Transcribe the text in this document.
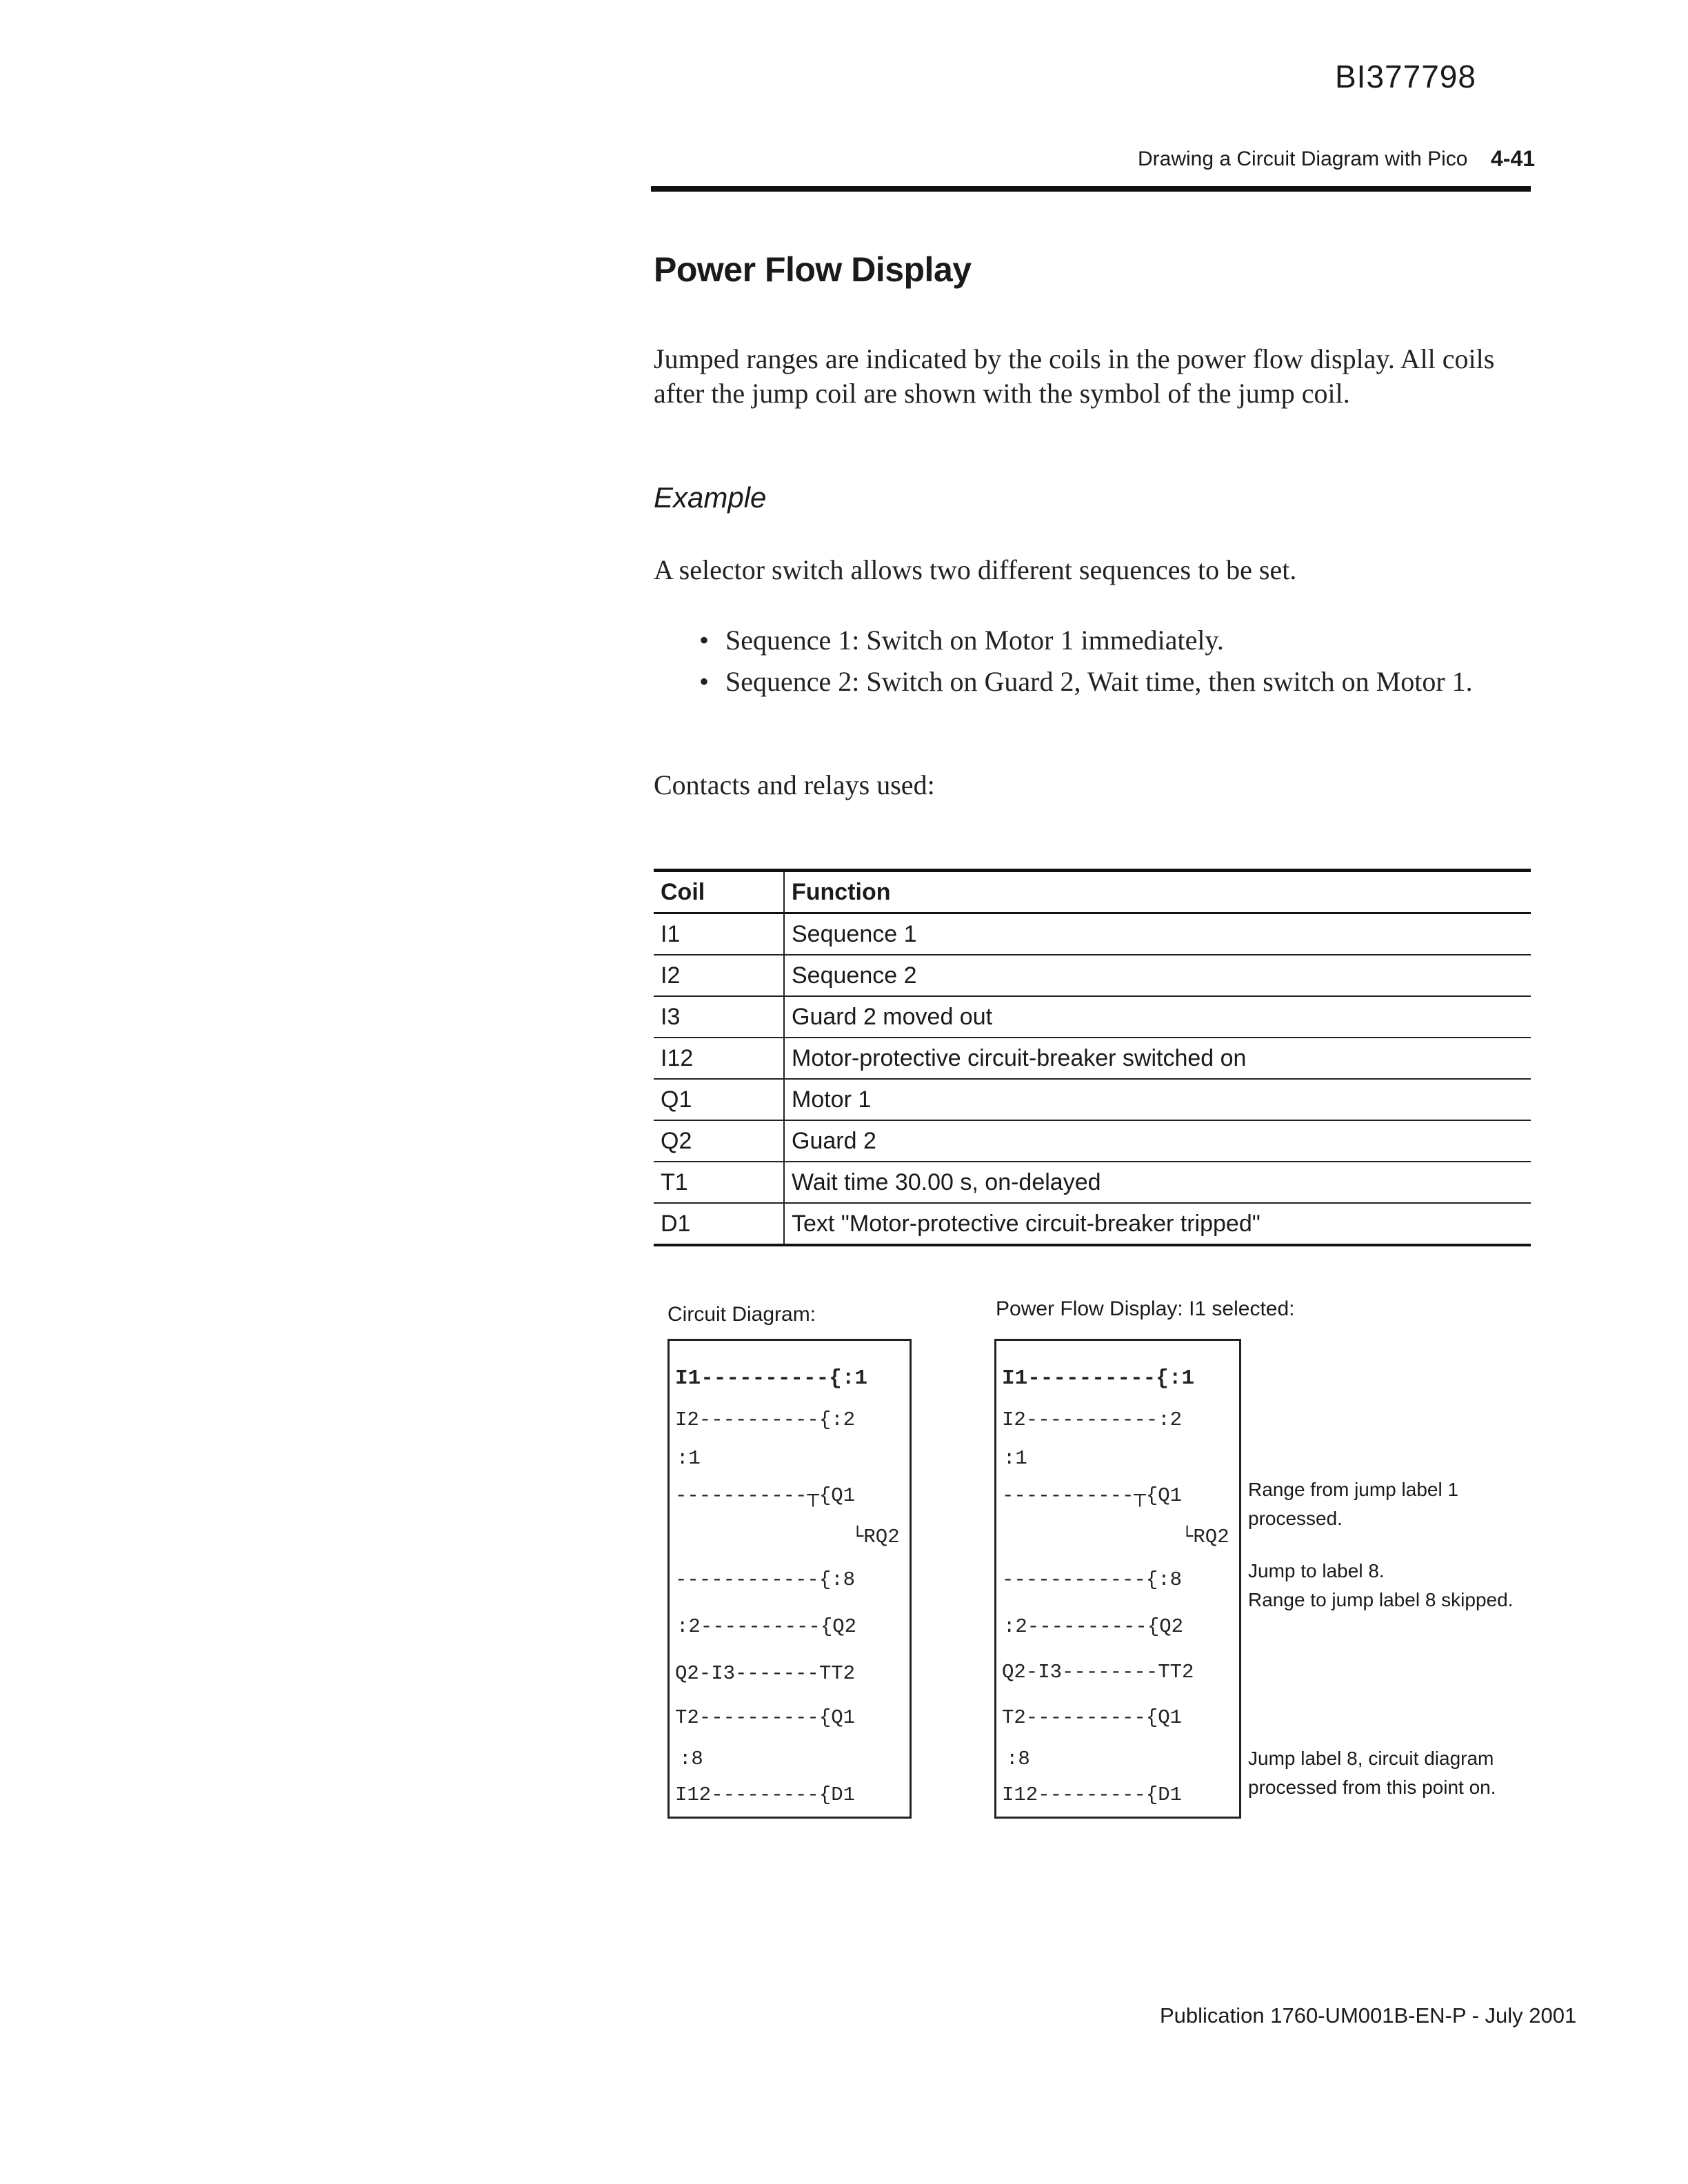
BI377798
Drawing a Circuit Diagram with Pico 4-41
Power Flow Display
Jumped ranges are indicated by the coils in the power flow display. All coils after the jump coil are shown with the symbol of the jump coil.
Example
A selector switch allows two different sequences to be set.
• Sequence 1: Switch on Motor 1 immediately.
• Sequence 2: Switch on Guard 2, Wait time, then switch on Motor 1.
Contacts and relays used:
Coil	Function
I1	Sequence 1
I2	Sequence 2
I3	Guard 2 moved out
I12	Motor-protective circuit-breaker switched on
Q1	Motor 1
Q2	Guard 2
T1	Wait time 30.00 s, on-delayed
D1	Text "Motor-protective circuit-breaker tripped"
Circuit Diagram:
I1----------{:1
I2----------{:2
:1
-----------┬{Q1
└RQ2
------------{:8
:2----------{Q2
Q2-I3-------TT2
T2----------{Q1
:8
I12---------{D1
Power Flow Display: I1 selected:
I1----------{:1
I2-----------:2
:1
-----------┬{Q1
└RQ2
------------{:8
:2----------{Q2
Q2-I3--------TT2
T2----------{Q1
:8
I12---------{D1
Range from jump label 1
processed.
Jump to label 8.
Range to jump label 8 skipped.
Jump label 8, circuit diagram
processed from this point on.
Publication 1760-UM001B-EN-P - July 2001
